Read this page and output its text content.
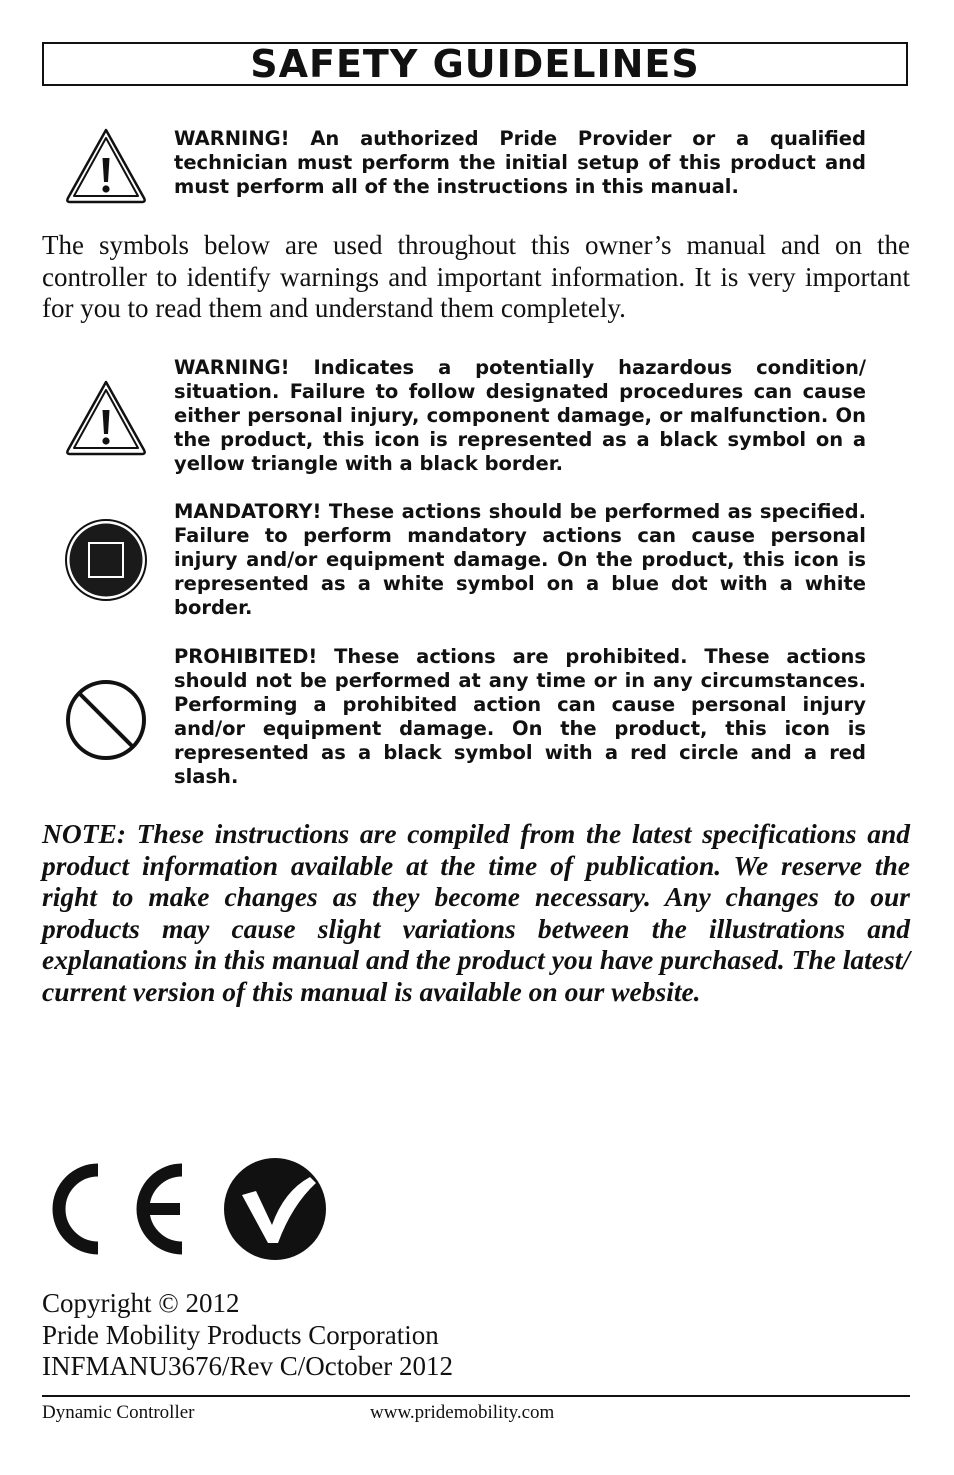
SAFETY GUIDELINES

WARNING! An authorized Pride Provider or a qualified technician must perform the initial setup of this product and must perform all of the instructions in this manual.

The symbols below are used throughout this owner’s manual and on the controller to identify warnings and important information. It is very important for you to read them and understand them completely.

WARNING! Indicates a potentially hazardous condition/ situation. Failure to follow designated procedures can cause either personal injury, component damage, or malfunction. On the product, this icon is represented as a black symbol on a yellow triangle with a black border.

MANDATORY! These actions should be performed as specified. Failure to perform mandatory actions can cause personal injury and/or equipment damage. On the product, this icon is represented as a white symbol on a blue dot with a white border.

PROHIBITED! These actions are prohibited. These actions should not be performed at any time or in any circumstances. Performing a prohibited action can cause personal injury and/or equipment damage. On the product, this icon is represented as a black symbol with a red circle and a red slash.

NOTE: These instructions are compiled from the latest specifications and product information available at the time of publication. We reserve the right to make changes as they become necessary. Any changes to our products may cause slight variations between the illustrations and explanations in this manual and the product you have purchased. The latest/ current version of this manual is available on our website.

Copyright © 2012
Pride Mobility Products Corporation
INFMANU3676/Rev C/October 2012
Dynamic Controller	www.pridemobility.com
